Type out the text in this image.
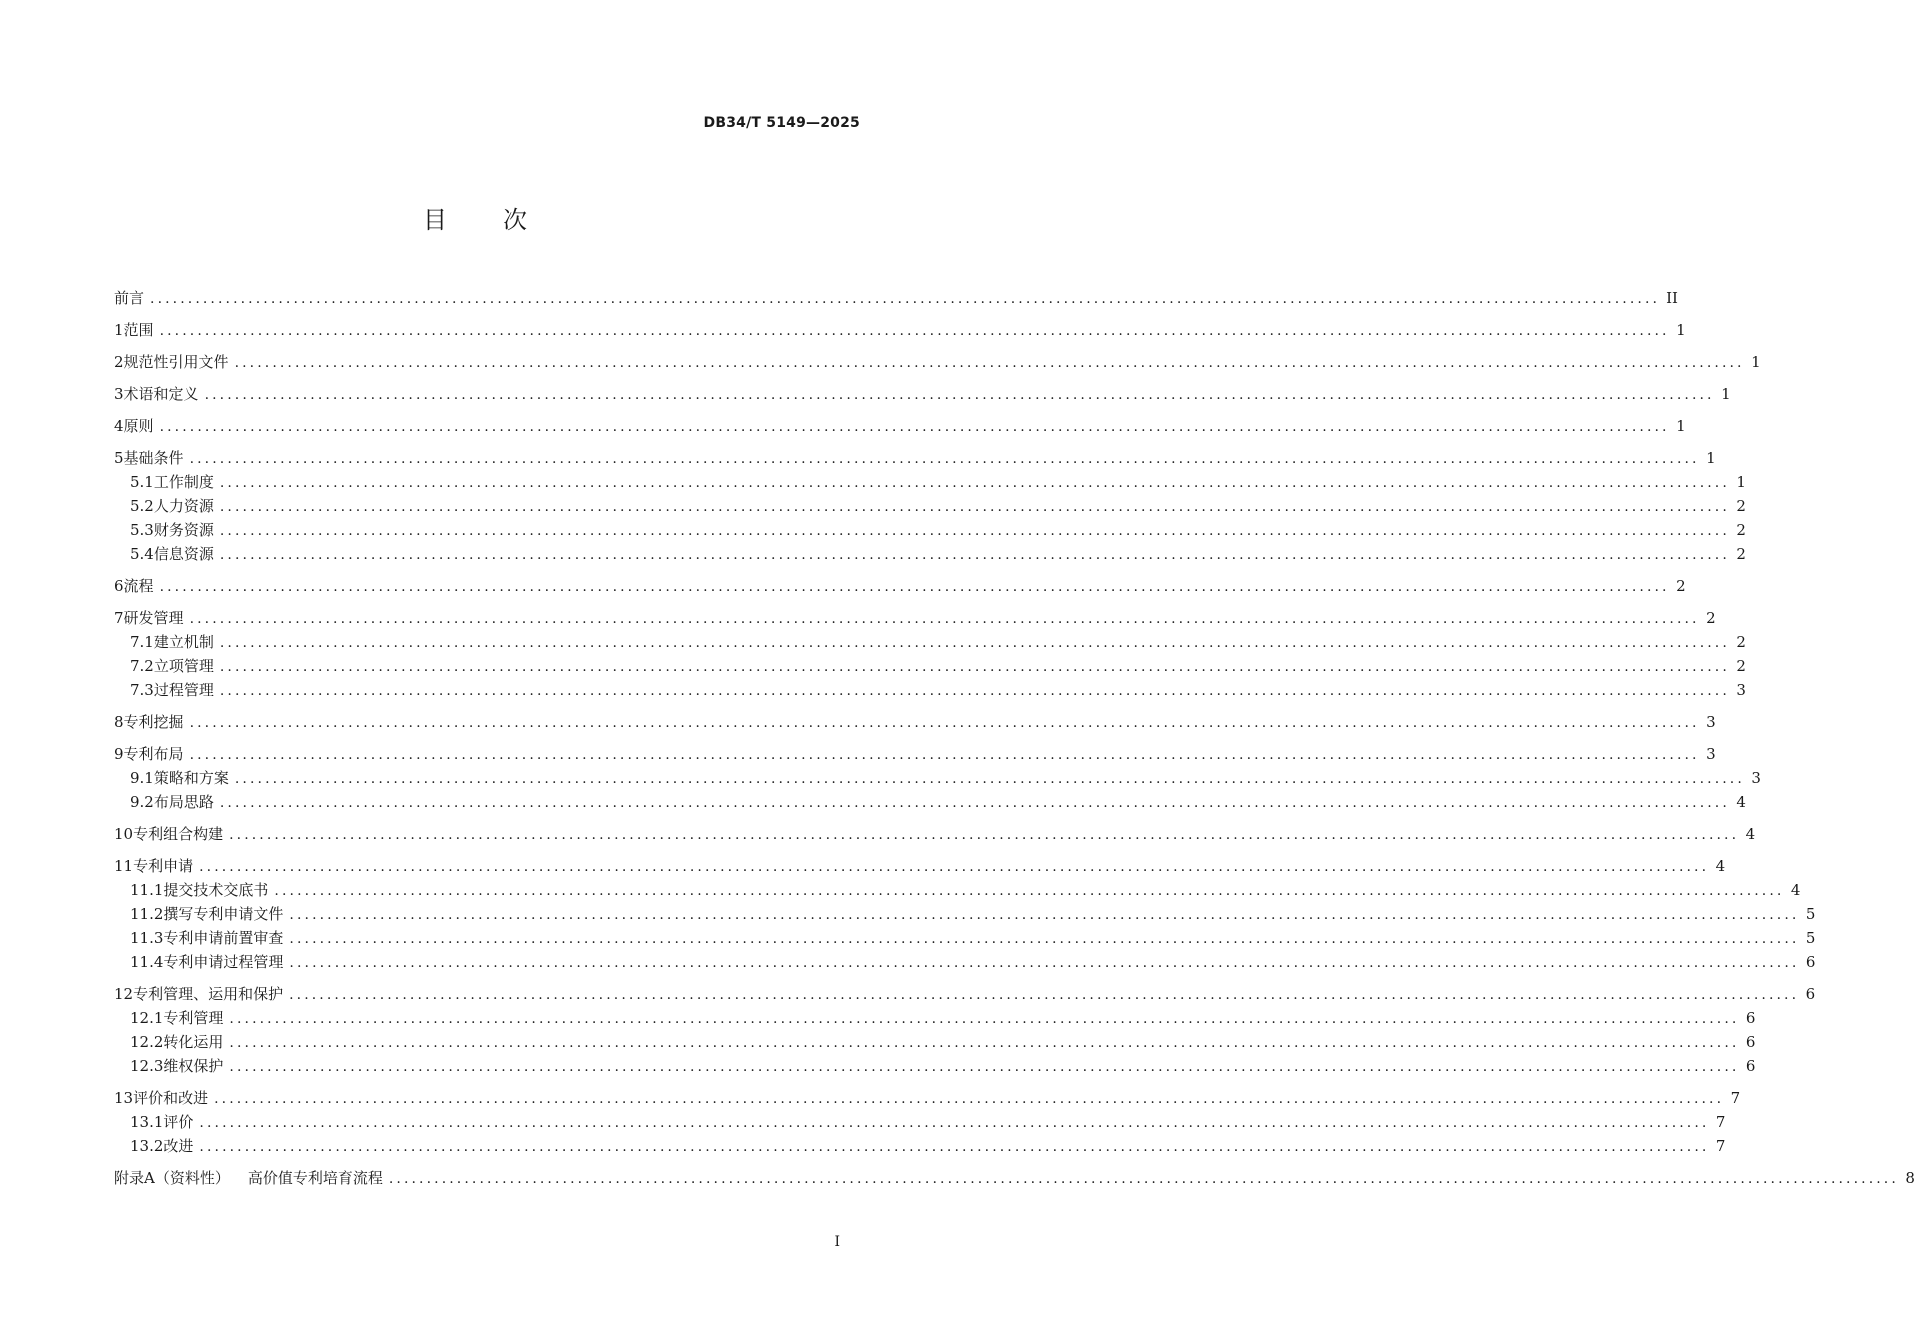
DB34/T 5149—2025
目次
前言 ........................................................................................................................................................................................................ II
1 范围 ........................................................................................................................................................................................................ 1
2 规范性引用文件 ........................................................................................................................................................................................................ 1
3 术语和定义 ........................................................................................................................................................................................................ 1
4 原则 ........................................................................................................................................................................................................ 1
5 基础条件 ........................................................................................................................................................................................................ 1
5.1 工作制度 ........................................................................................................................................................................................................ 1
5.2 人力资源 ........................................................................................................................................................................................................ 2
5.3 财务资源 ........................................................................................................................................................................................................ 2
5.4 信息资源 ........................................................................................................................................................................................................ 2
6 流程 ........................................................................................................................................................................................................ 2
7 研发管理 ........................................................................................................................................................................................................ 2
7.1 建立机制 ........................................................................................................................................................................................................ 2
7.2 立项管理 ........................................................................................................................................................................................................ 2
7.3 过程管理 ........................................................................................................................................................................................................ 3
8 专利挖掘 ........................................................................................................................................................................................................ 3
9 专利布局 ........................................................................................................................................................................................................ 3
9.1 策略和方案 ........................................................................................................................................................................................................ 3
9.2 布局思路 ........................................................................................................................................................................................................ 4
10 专利组合构建 ........................................................................................................................................................................................................ 4
11 专利申请 ........................................................................................................................................................................................................ 4
11.1 提交技术交底书 ........................................................................................................................................................................................................ 4
11.2 撰写专利申请文件 ........................................................................................................................................................................................................ 5
11.3 专利申请前置审查 ........................................................................................................................................................................................................ 5
11.4 专利申请过程管理 ........................................................................................................................................................................................................ 6
12 专利管理、运用和保护 ........................................................................................................................................................................................................ 6
12.1 专利管理 ........................................................................................................................................................................................................ 6
12.2 转化运用 ........................................................................................................................................................................................................ 6
12.3 维权保护 ........................................................................................................................................................................................................ 6
13 评价和改进 ........................................................................................................................................................................................................ 7
13.1 评价 ........................................................................................................................................................................................................ 7
13.2 改进 ........................................................................................................................................................................................................ 7
附录A（资料性） 高价值专利培育流程 ........................................................................................................................................................................................................ 8
I
